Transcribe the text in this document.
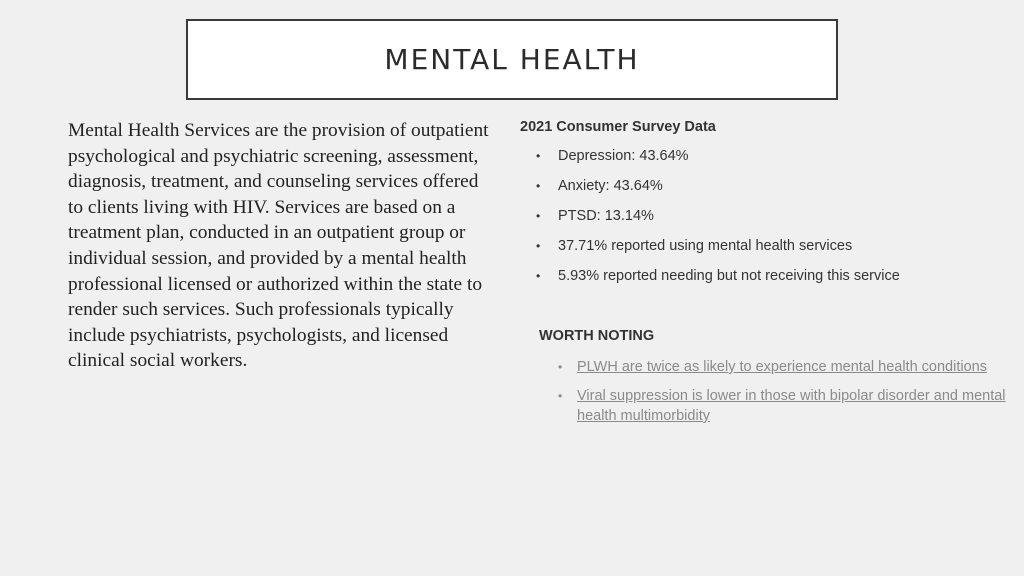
MENTAL HEALTH

Mental Health Services are the provision of outpatient psychological and psychiatric screening, assessment, diagnosis, treatment, and counseling services offered to clients living with HIV. Services are based on a treatment plan, conducted in an outpatient group or individual session, and provided by a mental health professional licensed or authorized within the state to render such services. Such professionals typically include psychiatrists, psychologists, and licensed clinical social workers.

2021 Consumer Survey Data

• Depression: 43.64%
• Anxiety: 43.64%
• PTSD: 13.14%
• 37.71% reported using mental health services
• 5.93% reported needing but not receiving this service

WORTH NOTING

• PLWH are twice as likely to experience mental health conditions
• Viral suppression is lower in those with bipolar disorder and mental health multimorbidity
